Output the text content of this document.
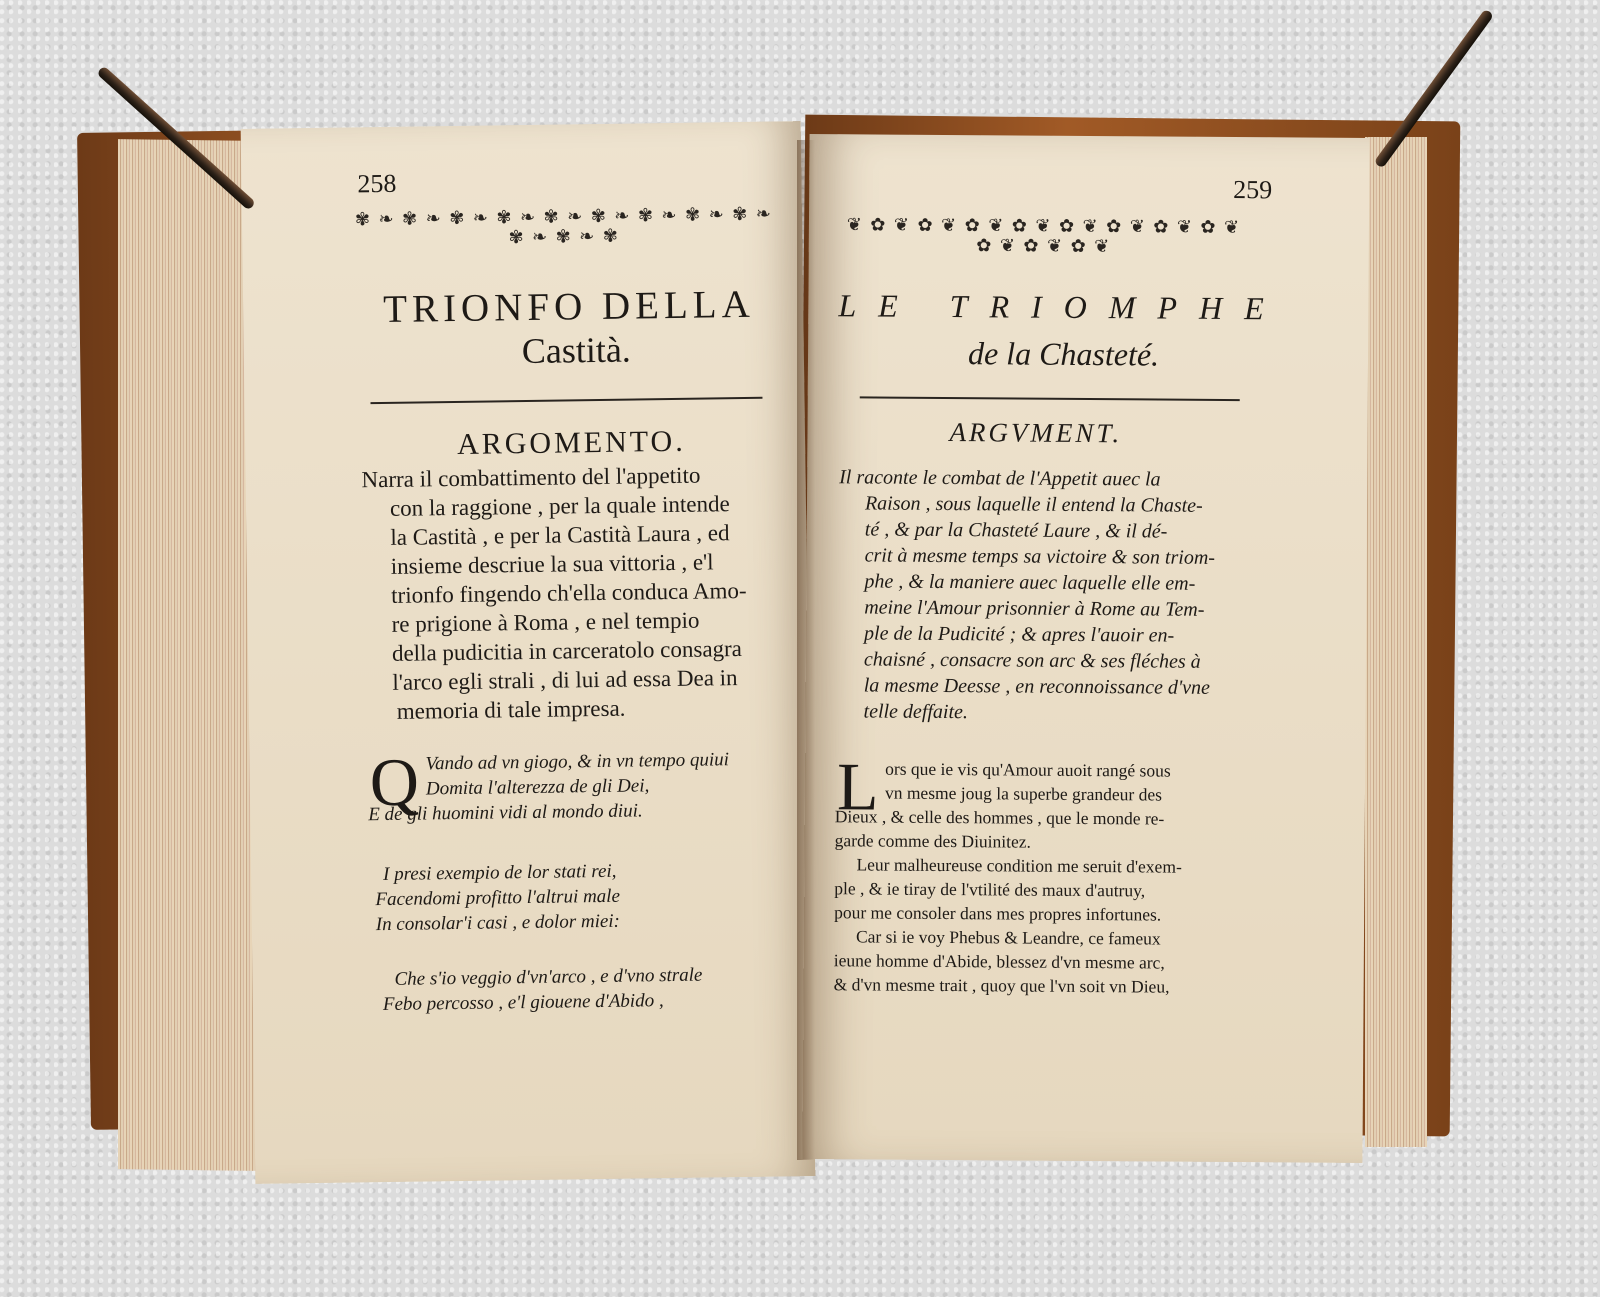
258
✾ ❧ ✾ ❧ ✾ ❧ ✾ ❧ ✾ ❧ ✾ ❧ ✾ ❧ ✾ ❧ ✾ ❧ ✾ ❧ ✾ ❧ ✾
TRIONFO DELLA
Castità.
ARGOMENTO.
Narra il combattimento del l'appetito
con la raggione , per la quale intende
la Castità , e per la Castità Laura , ed
insieme descriue la sua vittoria , e'l
trionfo fingendo ch'ella conduca Amo-
re prigione à Roma , e nel tempio
della pudicitia in carceratolo consagra
l'arco egli strali , di lui ad essa Dea in
memoria di tale impresa.
Q Vando ad vn giogo, & in vn tempo quiui
Domita l'alterezza de gli Dei,
E de gli huomini vidi al mondo diui.
I presi exempio de lor stati rei,
Facendomi profitto l'altrui male
In consolar'i casi , e dolor miei:
Che s'io veggio d'vn'arco , e d'vno strale
Febo percosso , e'l giouene d'Abido ,
259
❦ ✿ ❦ ✿ ❦ ✿ ❦ ✿ ❦ ✿ ❦ ✿ ❦ ✿ ❦ ✿ ❦ ✿ ❦ ✿ ❦ ✿ ❦
LE TRIOMPHE
de la Chasteté.
ARGVMENT.
Il raconte le combat de l'Appetit auec la
Raison , sous laquelle il entend la Chaste-
té , & par la Chasteté Laure , & il dé-
crit à mesme temps sa victoire & son triom-
phe , & la maniere auec laquelle elle em-
meine l'Amour prisonnier à Rome au Tem-
ple de la Pudicité ; & apres l'auoir en-
chaisné , consacre son arc & ses fléches à
la mesme Deesse , en reconnoissance d'vne
telle deffaite.
L ors que ie vis qu'Amour auoit rangé sous
vn mesme joug la superbe grandeur des
Dieux , & celle des hommes , que le monde re-
garde comme des Diuinitez.
Leur malheureuse condition me seruit d'exem-
ple , & ie tiray de l'vtilité des maux d'autruy,
pour me consoler dans mes propres infortunes.
Car si ie voy Phebus & Leandre, ce fameux
ieune homme d'Abide, blessez d'vn mesme arc,
& d'vn mesme trait , quoy que l'vn soit vn Dieu,
